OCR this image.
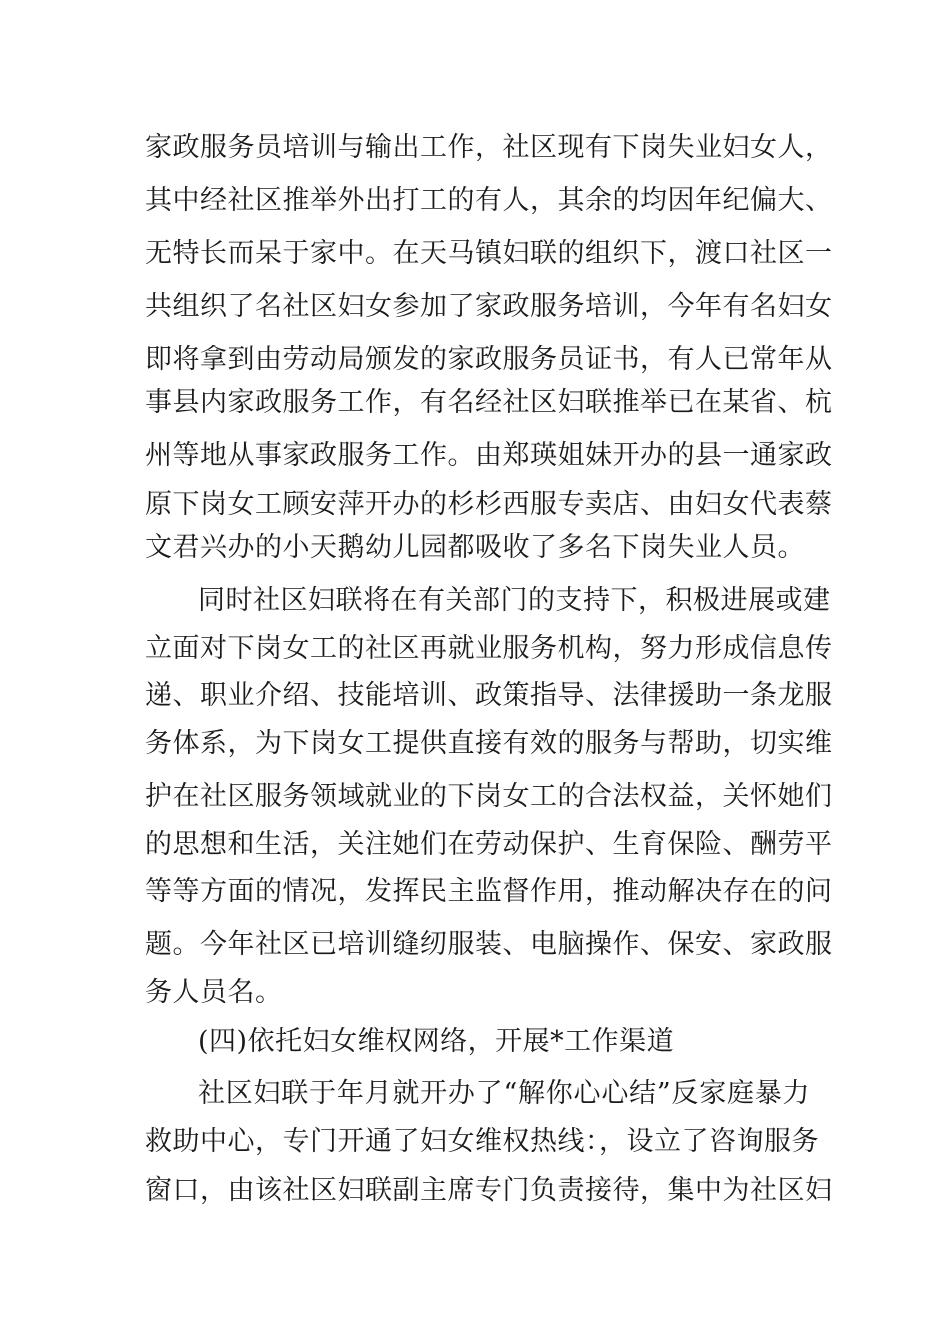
家政服务员培训与输出工作，社区现有下岗失业妇女人，
其中经社区推举外出打工的有人，其余的均因年纪偏大、
无特长而呆于家中。在天马镇妇联的组织下，渡口社区一
共组织了名社区妇女参加了家政服务培训，今年有名妇女
即将拿到由劳动局颁发的家政服务员证书，有人已常年从
事县内家政服务工作，有名经社区妇联推举已在某省、杭
州等地从事家政服务工作。由郑瑛姐妹开办的县一通家政
原下岗女工顾安萍开办的杉杉西服专卖店、由妇女代表蔡
文君兴办的小天鹅幼儿园都吸收了多名下岗失业人员。
同时社区妇联将在有关部门的支持下，积极进展或建
立面对下岗女工的社区再就业服务机构，努力形成信息传
递、职业介绍、技能培训、政策指导、法律援助一条龙服
务体系，为下岗女工提供直接有效的服务与帮助，切实维
护在社区服务领域就业的下岗女工的合法权益，关怀她们
的思想和生活，关注她们在劳动保护、生育保险、酬劳平
等等方面的情况，发挥民主监督作用，推动解决存在的问
题。今年社区已培训缝纫服装、电脑操作、保安、家政服
务人员名。
(四)依托妇女维权网络，开展*工作渠道
社区妇联于年月就开办了“解你心心结”反家庭暴力
救助中心，专门开通了妇女维权热线：，设立了咨询服务
窗口，由该社区妇联副主席专门负责接待，集中为社区妇
